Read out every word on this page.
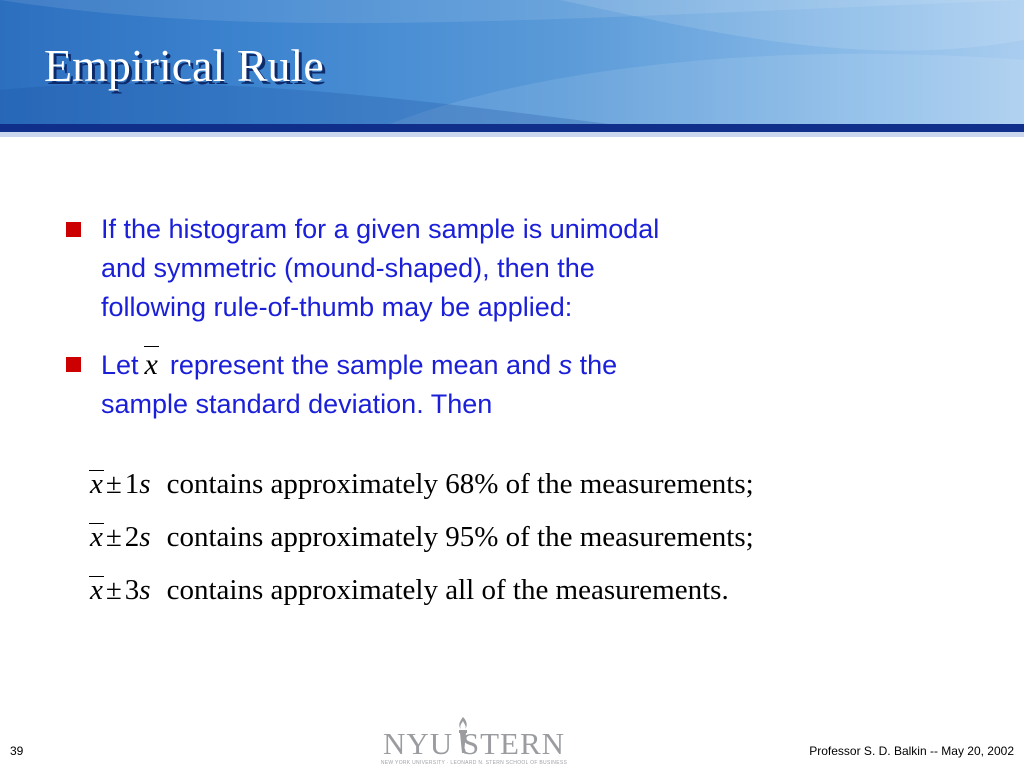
Empirical Rule
If the histogram for a given sample is unimodal
and symmetric (mound-shaped), then the
following rule-of-thumb may be applied:
Let x represent the sample mean and s the
sample standard deviation. Then
x ± 1s contains approximately 68% of the measurements;
x ± 2s contains approximately 95% of the measurements;
x ± 3s contains approximately all of the measurements.
39	NYU STERN
NEW YORK UNIVERSITY · LEONARD N. STERN SCHOOL OF BUSINESS
Professor S. D. Balkin -- May 20, 2002
